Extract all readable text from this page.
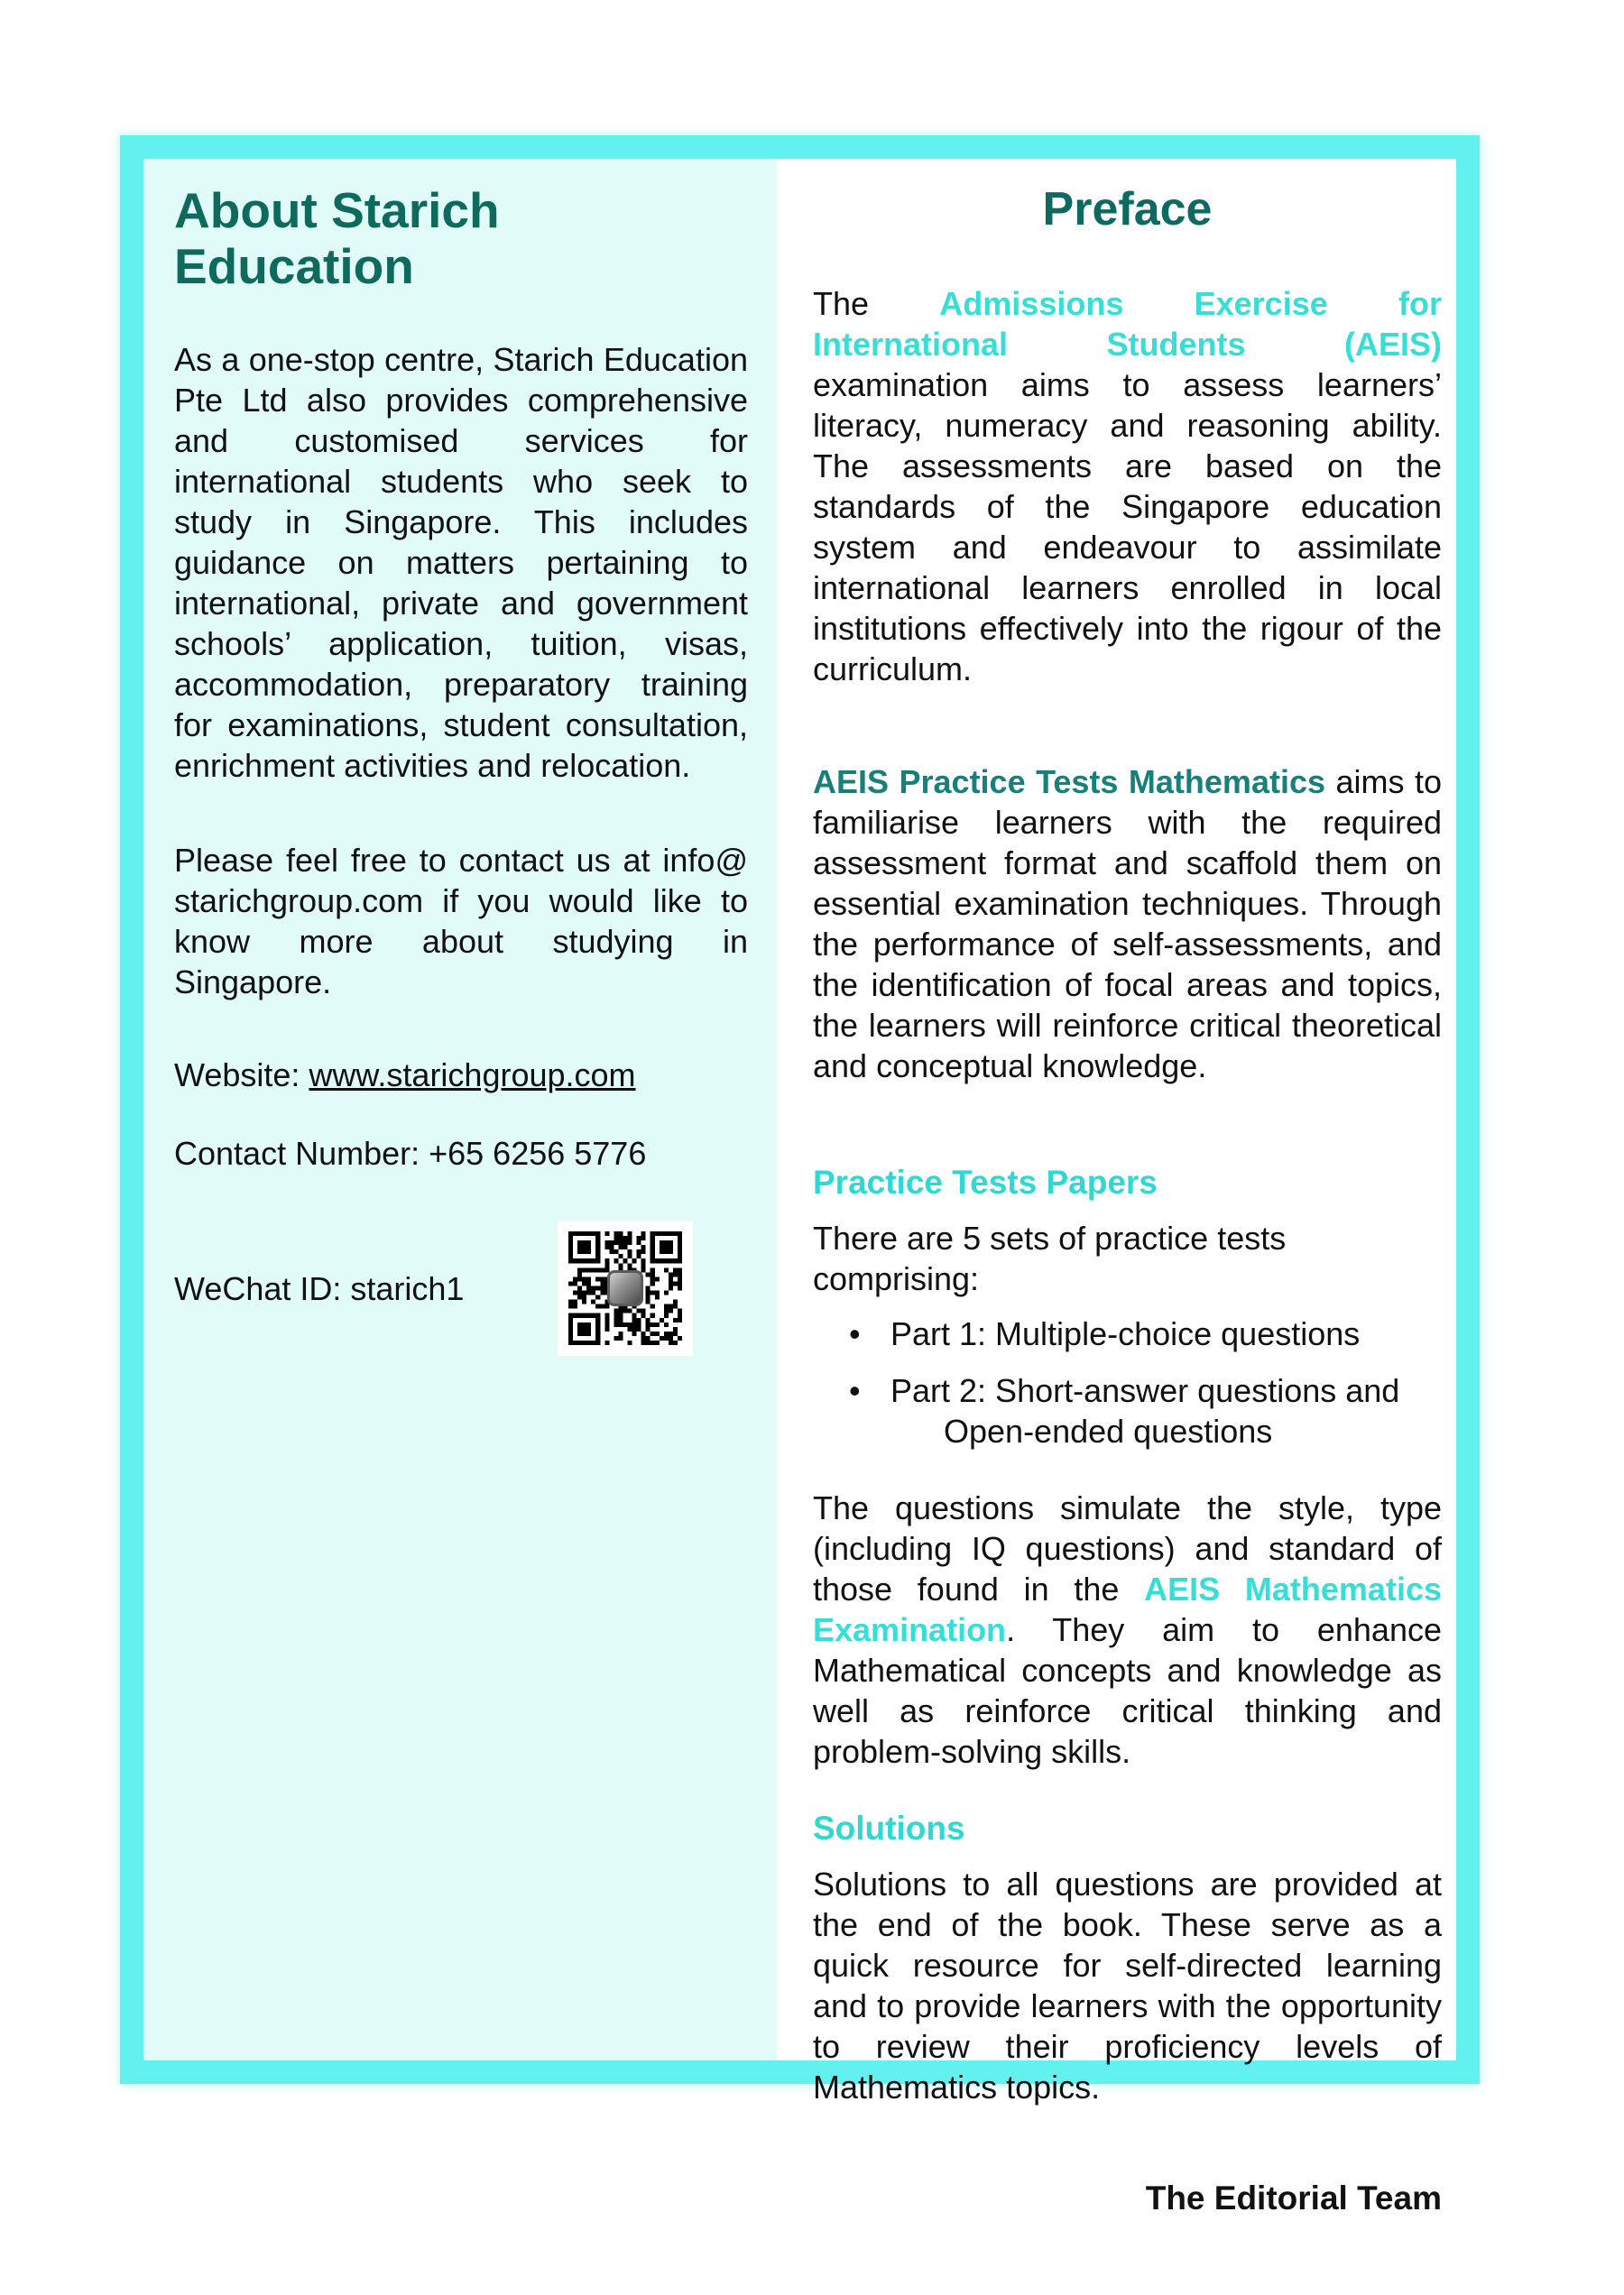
About Starich Education

As a one-stop centre, Starich Education Pte Ltd also provides comprehensive and customised services for international students who seek to study in Singapore. This includes guidance on matters pertaining to international, private and government schools’ application, tuition, visas, accommodation, preparatory training for examinations, student consultation, enrichment activities and relocation.

Please feel free to contact us at info@starichgroup.com if you would like to know more about studying in Singapore.

Website: www.starichgroup.com

Contact Number: +65 6256 5776

WeChat ID: starich1
Preface

The Admissions Exercise for International Students (AEIS) examination aims to assess learners’ literacy, numeracy and reasoning ability. The assessments are based on the standards of the Singapore education system and endeavour to assimilate international learners enrolled in local institutions effectively into the rigour of the curriculum.

AEIS Practice Tests Mathematics aims to familiarise learners with the required assessment format and scaffold them on essential examination techniques. Through the performance of self-assessments, and the identification of focal areas and topics, the learners will reinforce critical theoretical and conceptual knowledge.

Practice Tests Papers

There are 5 sets of practice tests comprising:

• Part 1: Multiple-choice questions
• Part 2: Short-answer questions and Open-ended questions

The questions simulate the style, type (including IQ questions) and standard of those found in the AEIS Mathematics Examination. They aim to enhance Mathematical concepts and knowledge as well as reinforce critical thinking and problem-solving skills.

Solutions

Solutions to all questions are provided at the end of the book. These serve as a quick resource for self-directed learning and to provide learners with the opportunity to review their proficiency levels of Mathematics topics.

The Editorial Team
